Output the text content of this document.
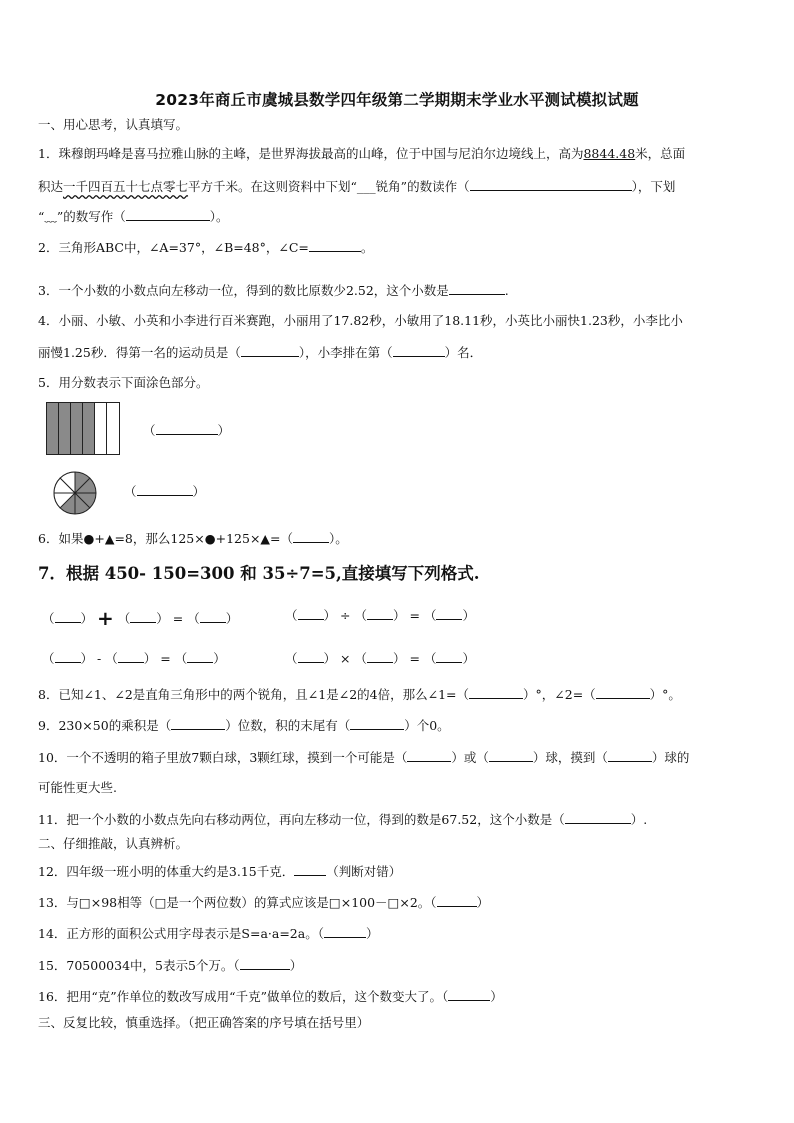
2023年商丘市虞城县数学四年级第二学期期末学业水平测试模拟试题
一、用心思考，认真填写。
1．珠穆朗玛峰是喜马拉雅山脉的主峰，是世界海拔最高的山峰，位于中国与尼泊尔边境线上，高为8844.48米，总面
积达一千四百五十七点零七平方千米。在这则资料中下划“___锐角”的数读作（	），下划
“﹏”的数写作（	）。
2．三角形ABC中，∠A=37°，∠B=48°，∠C=	。
3．一个小数的小数点向左移动一位，得到的数比原数少2.52，这个小数是	.
4．小丽、小敏、小英和小李进行百米赛跑，小丽用了17.82秒，小敏用了18.11秒，小英比小丽快1.23秒，小李比小
丽慢1.25秒．得第一名的运动员是（	），小李排在第（	）名．
5．用分数表示下面涂色部分。
（	）
（	）
6．如果●+▲=8，那么125×●+125×▲=（	）。
7．根据 450- 150=300 和 35÷7=5,直接填写下列格式.
（ ） + （ ） = （ ）	（ ） ÷ （ ） = （ ）
（ ） - （ ） = （ ）	（ ） × （ ） = （ ）
8．已知∠1、∠2是直角三角形中的两个锐角，且∠1是∠2的4倍，那么∠1=（	）°，∠2=（	）°。
9．230×50的乘积是（	）位数，积的末尾有（	）个0。
10．一个不透明的箱子里放7颗白球，3颗红球，摸到一个可能是（	）或（	）球，摸到（	）球的
可能性更大些.
11．把一个小数的小数点先向右移动两位，再向左移动一位，得到的数是67.52，这个小数是（	）.
二、仔细推敲，认真辨析。
12．四年级一班小明的体重大约是3.15千克．	（判断对错）
13．与□×98相等（□是一个两位数）的算式应该是□×100－□×2。（	）
14．正方形的面积公式用字母表示是S=a·a=2a。（	）
15．70500034中，5表示5个万。（	）
16．把用“克”作单位的数改写成用“千克”做单位的数后，这个数变大了。（	）
三、反复比较，慎重选择。（把正确答案的序号填在括号里）
